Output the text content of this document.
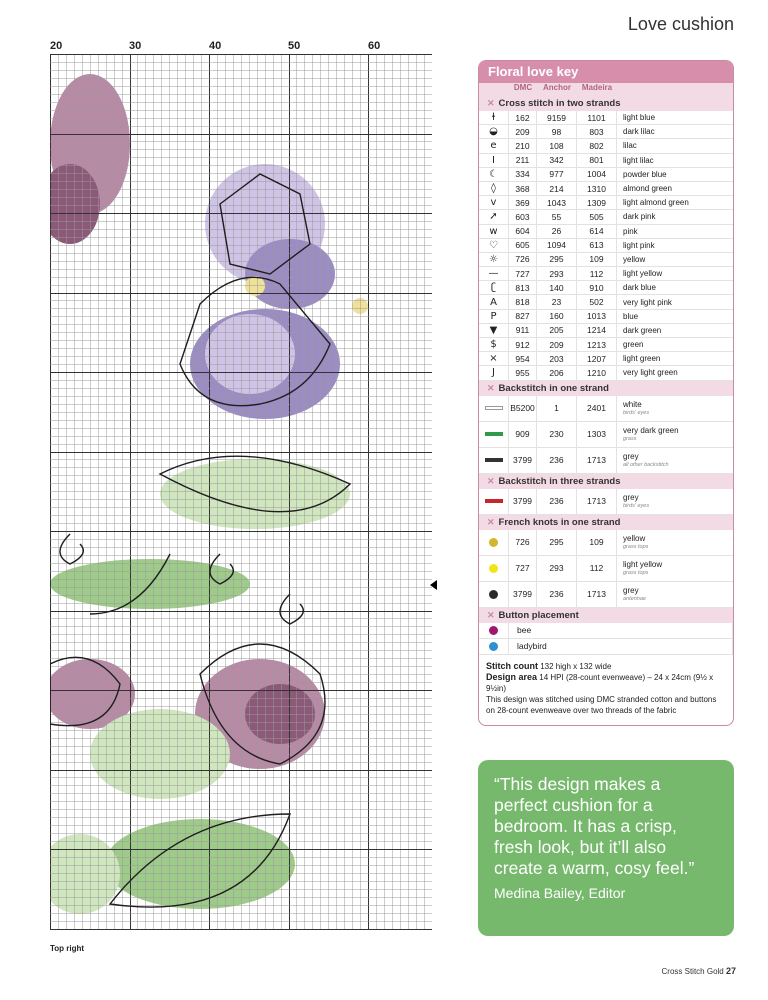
Love cushion
20	30	40	50	60
Top right
Floral love key
DMC	Anchor	Madeira
✕ Cross stitch in two strands
ɫ	162	9159	1101	light blue
◒	209	98	803	dark lilac
e	210	108	802	lilac
I	211	342	801	light lilac
☾	334	977	1004	powder blue
◊	368	214	1310	almond green
v	369	1043	1309	light almond green
➚	603	55	505	dark pink
w	604	26	614	pink
♡	605	1094	613	light pink
☼	726	295	109	yellow
—	727	293	112	light yellow
ʗ	813	140	910	dark blue
A	818	23	502	very light pink
P	827	160	1013	blue
▼	911	205	1214	dark green
$	912	209	1213	green
×	954	203	1207	light green
J	955	206	1210	very light green
✕ Backstitch in one strand
B5200	1	2401	white
birds' eyes
909	230	1303	very dark green
grass
3799	236	1713	grey
all other backstitch
✕ Backstitch in three strands
3799	236	1713	grey
birds' eyes
✕ French knots in one strand
726	295	109	yellow
grass tops
727	293	112	light yellow
grass tops
3799	236	1713	grey
antennae
✕ Button placement
bee
ladybird
Stitch count 132 high x 132 wide
Design area 14 HPI (28-count evenweave) – 24 x 24cm (9½ x 9½in)
This design was stitched using DMC stranded cotton and buttons on 28-count evenweave over two threads of the fabric
“This design makes a perfect cushion for a bedroom. It has a crisp, fresh look, but it’ll also create a warm, cosy feel.”
Medina Bailey, Editor
Cross Stitch Gold 27
